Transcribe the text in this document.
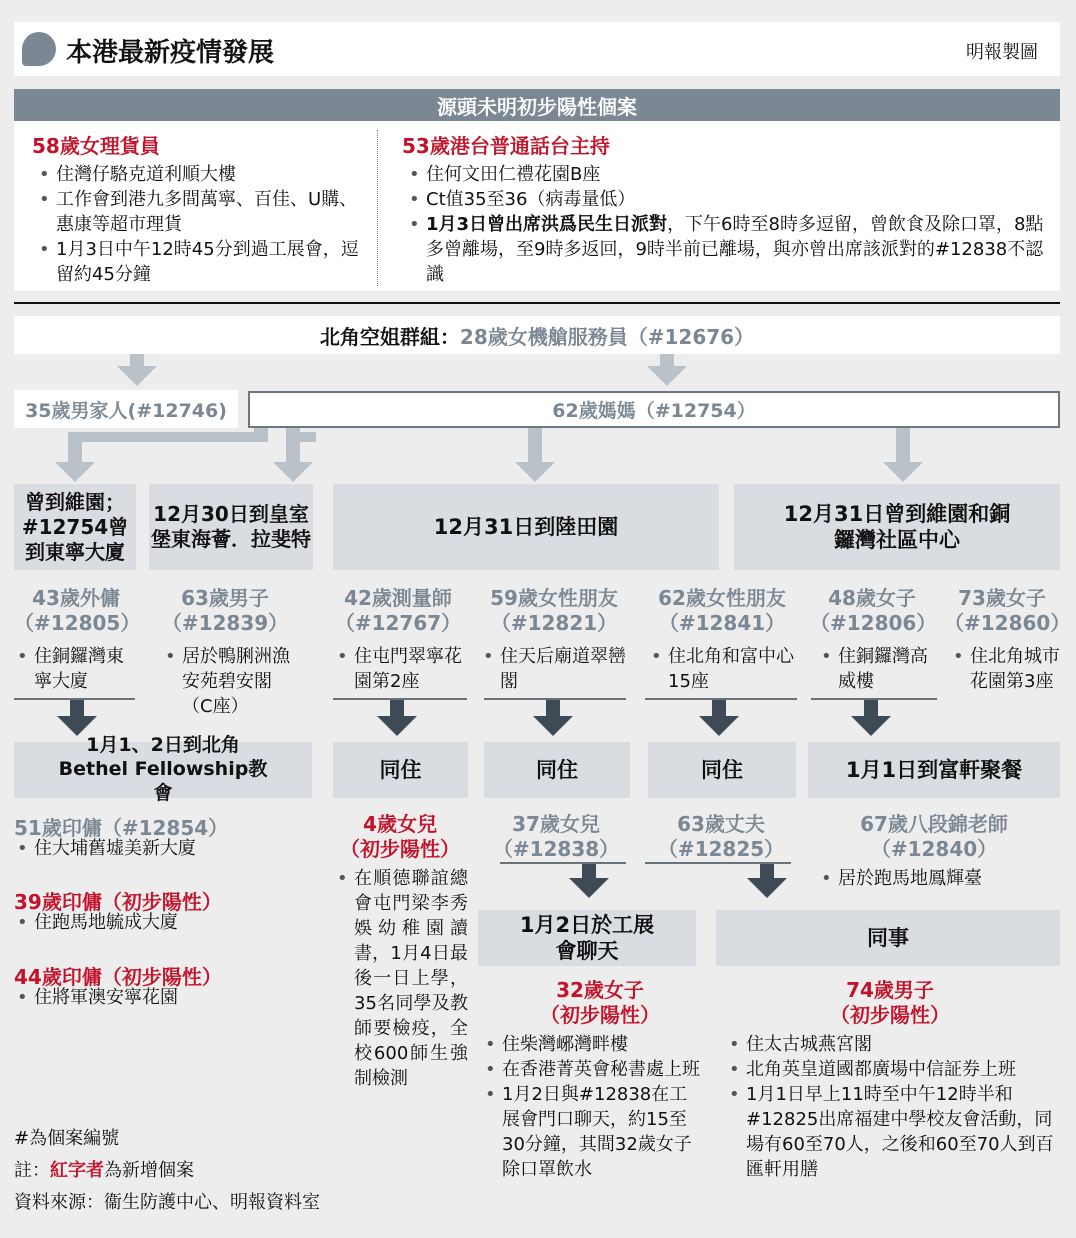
本港最新疫情發展	明報製圖
源頭未明初步陽性個案
58歲女理貨員
• 住灣仔駱克道利順大樓
• 工作會到港九多間萬寧、百佳、U購、惠康等超市理貨
• 1月3日中午12時45分到過工展會，逗留約45分鐘
53歲港台普通話台主持
• 住何文田仁禮花園B座
• Ct值35至36（病毒量低）
• 1月3日曾出席洪爲民生日派對，下午6時至8時多逗留，曾飲食及除口罩，8點多曾離場，至9時多返回，9時半前已離場，與亦曾出席該派對的#12838不認識
北角空姐群組： 28歲女機艙服務員（#12676）
35歲男家人(#12746)	62歲媽媽（#12754）
曾到維園；#12754曾到東寧大廈
12月30日到皇室堡東海薈．拉斐特
12月31日到陸田園
12月31日曾到維園和銅鑼灣社區中心
43歲外傭
（#12805）
• 住銅鑼灣東寧大廈
63歲男子
（#12839）
• 居於鴨脷洲漁安苑碧安閣（C座）
42歲測量師
（#12767）
• 住屯門翠寧花園第2座
59歲女性朋友
（#12821）
• 住天后廟道翠巒閣
62歲女性朋友
（#12841）
• 住北角和富中心15座
48歲女子
（#12806）
• 住銅鑼灣高威樓
73歲女子
（#12860）
• 住北角城市花園第3座
1月1、2日到北角Bethel Fellowship教會
同住	同住	同住	1月1日到富軒聚餐
51歲印傭（#12854）
• 住大埔舊墟美新大廈
39歲印傭（初步陽性）
• 住跑馬地毓成大廈
44歲印傭（初步陽性）
• 住將軍澳安寧花園
4歲女兒
（初步陽性）
• 在順德聯誼總會屯門梁李秀娛幼稚園讀書，1月4日最後一日上學，35名同學及教師要檢疫，全校600師生強制檢測
37歲女兒
（#12838）
63歲丈夫
（#12825）
67歲八段錦老師
（#12840）
• 居於跑馬地鳳輝臺
1月2日於工展會聊天
同事
32歲女子
（初步陽性）
• 住柴灣峫灣畔樓
• 在香港菁英會秘書處上班
• 1月2日與#12838在工展會門口聊天，約15至30分鐘，其間32歲女子除口罩飲水
74歲男子
（初步陽性）
• 住太古城燕宮閣
• 北角英皇道國都廣場中信証券上班
• 1月1日早上11時至中午12時半和#12825出席福建中學校友會活動，同場有60至70人，之後和60至70人到百匯軒用膳
#為個案編號
註：紅字者為新增個案
資料來源：衞生防護中心、明報資料室
